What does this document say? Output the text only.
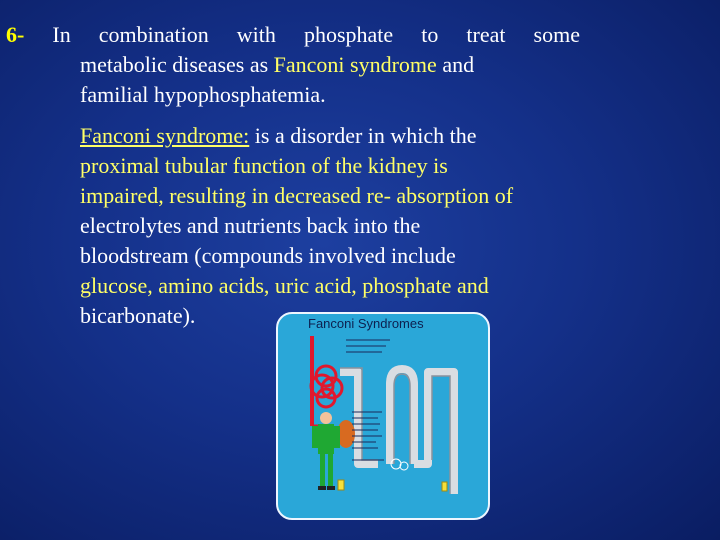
6- In combination with phosphate to treat some
metabolic diseases as Fanconi syndrome and
familial hypophosphatemia.
Fanconi syndrome: is a disorder in which the
proximal tubular function of the kidney is
impaired, resulting in decreased re- absorption of
electrolytes and nutrients back into the
bloodstream (compounds involved include
glucose, amino acids, uric acid, phosphate and
bicarbonate).	Fanconi Syndromes
